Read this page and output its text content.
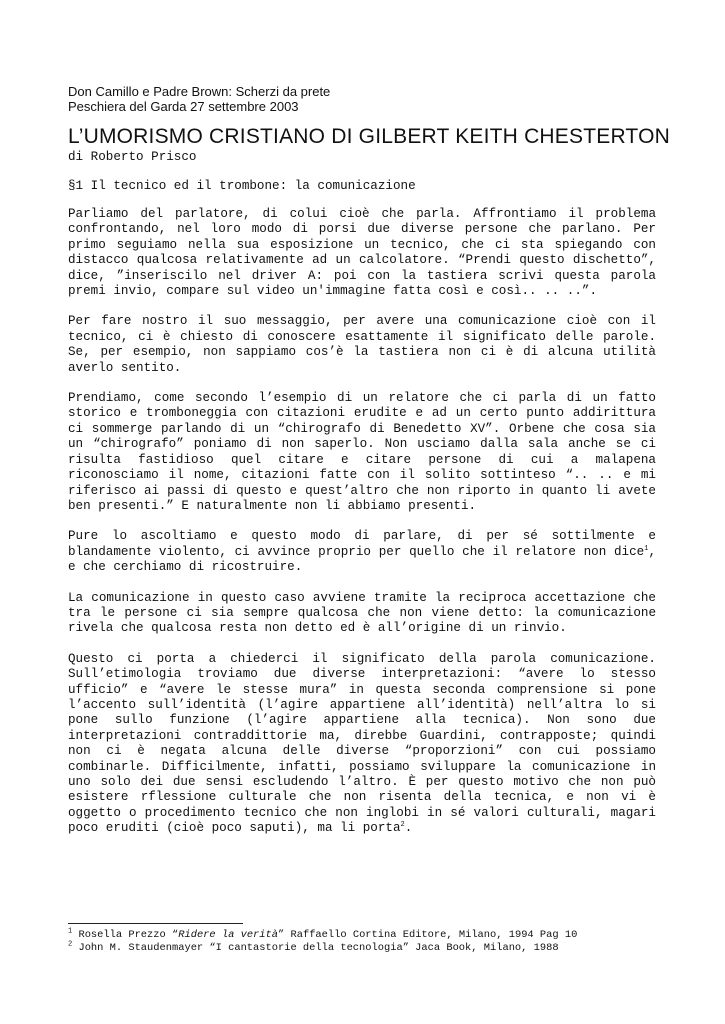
Don Camillo e Padre Brown: Scherzi da prete
Peschiera del Garda 27 settembre 2003
L’UMORISMO CRISTIANO DI GILBERT KEITH CHESTERTON
di Roberto Prisco
§1 Il tecnico ed il trombone: la comunicazione

Parliamo del parlatore, di colui cioè che parla. Affrontiamo il problema confrontando, nel loro modo di porsi due diverse persone che parlano. Per primo seguiamo nella sua esposizione un tecnico, che ci sta spiegando con distacco qualcosa relativamente ad un calcolatore. “Prendi questo dischetto”, dice, ”inseriscilo nel driver A: poi con la tastiera scrivi questa parola premi invio, compare sul video un'immagine fatta così e così.. .. ..”.

Per fare nostro il suo messaggio, per avere una comunicazione cioè con il tecnico, ci è chiesto di conoscere esattamente il significato delle parole. Se, per esempio, non sappiamo cos’è la tastiera non ci è di alcuna utilità averlo sentito.

Prendiamo, come secondo l’esempio di un relatore che ci parla di un fatto storico e tromboneggia con citazioni erudite e ad un certo punto addirittura ci sommerge parlando di un “chirografo di Benedetto XV”. Orbene che cosa sia un “chirografo” poniamo di non saperlo. Non usciamo dalla sala anche se ci risulta fastidioso quel citare e citare persone di cui a malapena riconosciamo il nome, citazioni fatte con il solito sottinteso “.. .. e mi riferisco ai passi di questo e quest’altro che non riporto in quanto li avete ben presenti.” E naturalmente non li abbiamo presenti.

Pure lo ascoltiamo e questo modo di parlare, di per sé sottilmente e blandamente violento, ci avvince proprio per quello che il relatore non dice$^1$, e che cerchiamo di ricostruire.

La comunicazione in questo caso avviene tramite la reciproca accettazione che tra le persone ci sia sempre qualcosa che non viene detto: la comunicazione rivela che qualcosa resta non detto ed è all’origine di un rinvio.

Questo ci porta a chiederci il significato della parola comunicazione. Sull’etimologia troviamo due diverse interpretazioni: “avere lo stesso ufficio” e “avere le stesse mura” in questa seconda comprensione si pone l’accento sull’identità (l’agire appartiene all’identità) nell’altra lo si pone sullo funzione (l’agire appartiene alla tecnica). Non sono due interpretazioni contraddittorie ma, direbbe Guardini, contrapposte; quindi non ci è negata alcuna delle diverse “proporzioni” con cui possiamo combinarle. Difficilmente, infatti, possiamo sviluppare la comunicazione in uno solo dei due sensi escludendo l’altro. È per questo motivo che non può esistere rflessione culturale che non risenta della tecnica, e non vi è oggetto o procedimento tecnico che non inglobi in sé valori culturali, magari poco eruditi (cioè poco saputi), ma li porta$^2$.

$^1$ Rosella Prezzo “Ridere la verità” Raffaello Cortina Editore, Milano, 1994 Pag 10
$^2$ John M. Staudenmayer “I cantastorie della tecnologia” Jaca Book, Milano, 1988
